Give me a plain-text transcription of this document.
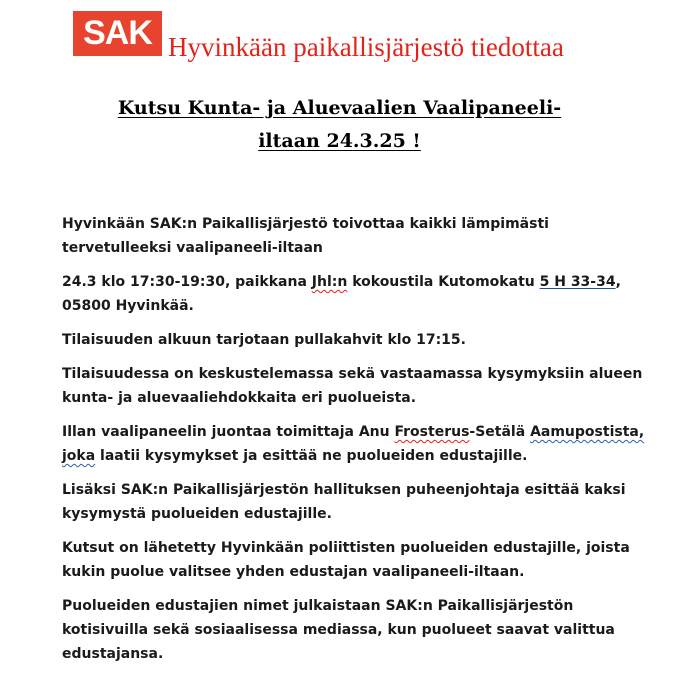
SAK Hyvinkään paikallisjärjestö tiedottaa
Kutsu Kunta- ja Aluevaalien Vaalipaneeli-
iltaan 24.3.25 !

Hyvinkään SAK:n Paikallisjärjestö toivottaa kaikki lämpimästi tervetulleeksi vaalipaneeli-iltaan

24.3 klo 17:30-19:30, paikkana Jhl:n kokoustila Kutomokatu 5 H 33-34, 05800 Hyvinkää.

Tilaisuuden alkuun tarjotaan pullakahvit klo 17:15.

Tilaisuudessa on keskustelemassa sekä vastaamassa kysymyksiin alueen kunta- ja aluevaaliehdokkaita eri puolueista.

Illan vaalipaneelin juontaa toimittaja Anu Frosterus-Setälä Aamupostista, joka laatii kysymykset ja esittää ne puolueiden edustajille.

Lisäksi SAK:n Paikallisjärjestön hallituksen puheenjohtaja esittää kaksi kysymystä puolueiden edustajille.

Kutsut on lähetetty Hyvinkään poliittisten puolueiden edustajille, joista kukin puolue valitsee yhden edustajan vaalipaneeli-iltaan.

Puolueiden edustajien nimet julkaistaan SAK:n Paikallisjärjestön kotisivuilla sekä sosiaalisessa mediassa, kun puolueet saavat valittua edustajansa.
